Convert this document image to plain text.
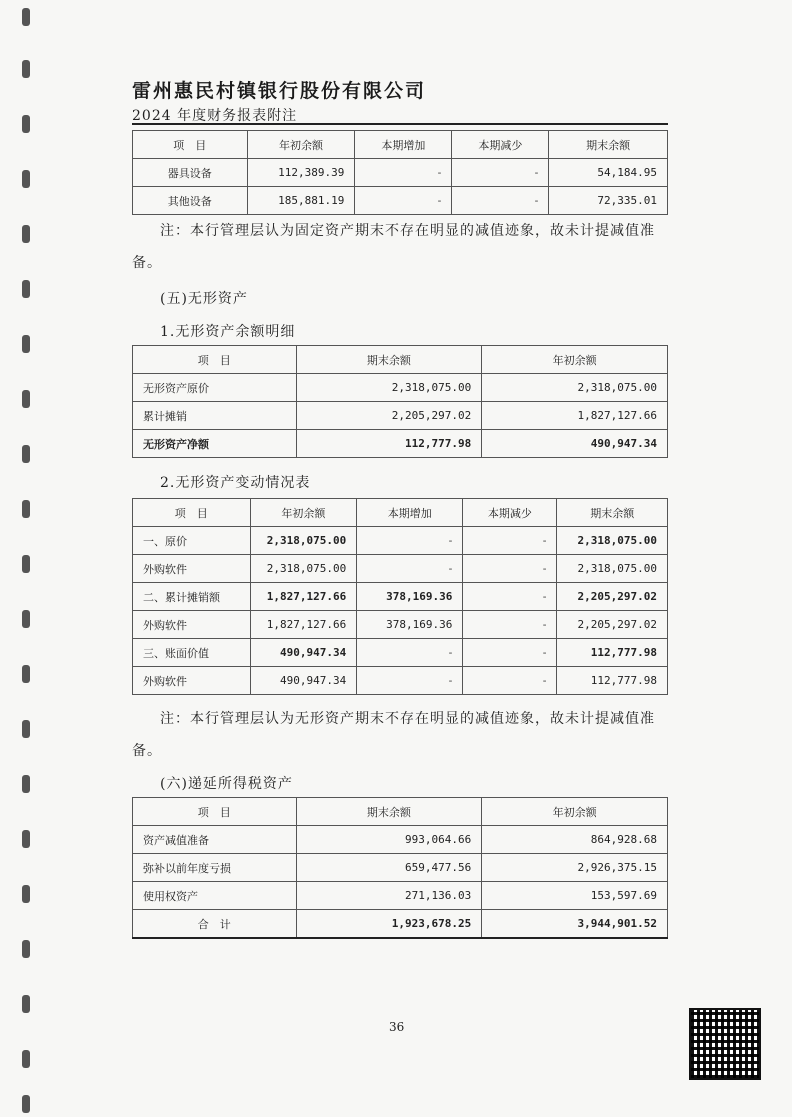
雷州惠民村镇银行股份有限公司
2024 年度财务报表附注
项　目	年初余额	本期增加	本期减少	期末余额
器具设备	112,389.39	-	-	54,184.95
其他设备	185,881.19	-	-	72,335.01
注：本行管理层认为固定资产期末不存在明显的减值迹象，故未计提减值准备。
(五)无形资产
1.无形资产余额明细
项　目	期末余额	年初余额
无形资产原价	2,318,075.00	2,318,075.00
累计摊销	2,205,297.02	1,827,127.66
无形资产净额	112,777.98	490,947.34
2.无形资产变动情况表
项　目	年初余额	本期增加	本期减少	期末余额
一、原价	2,318,075.00	-	-	2,318,075.00
外购软件	2,318,075.00	-	-	2,318,075.00
二、累计摊销额	1,827,127.66	378,169.36	-	2,205,297.02
外购软件	1,827,127.66	378,169.36	-	2,205,297.02
三、账面价值	490,947.34	-	-	112,777.98
外购软件	490,947.34	-	-	112,777.98
注：本行管理层认为无形资产期末不存在明显的减值迹象，故未计提减值准备。
(六)递延所得税资产
项　目	期末余额	年初余额
资产减值准备	993,064.66	864,928.68
弥补以前年度亏损	659,477.56	2,926,375.15
使用权资产	271,136.03	153,597.69
合　计	1,923,678.25	3,944,901.52
36
